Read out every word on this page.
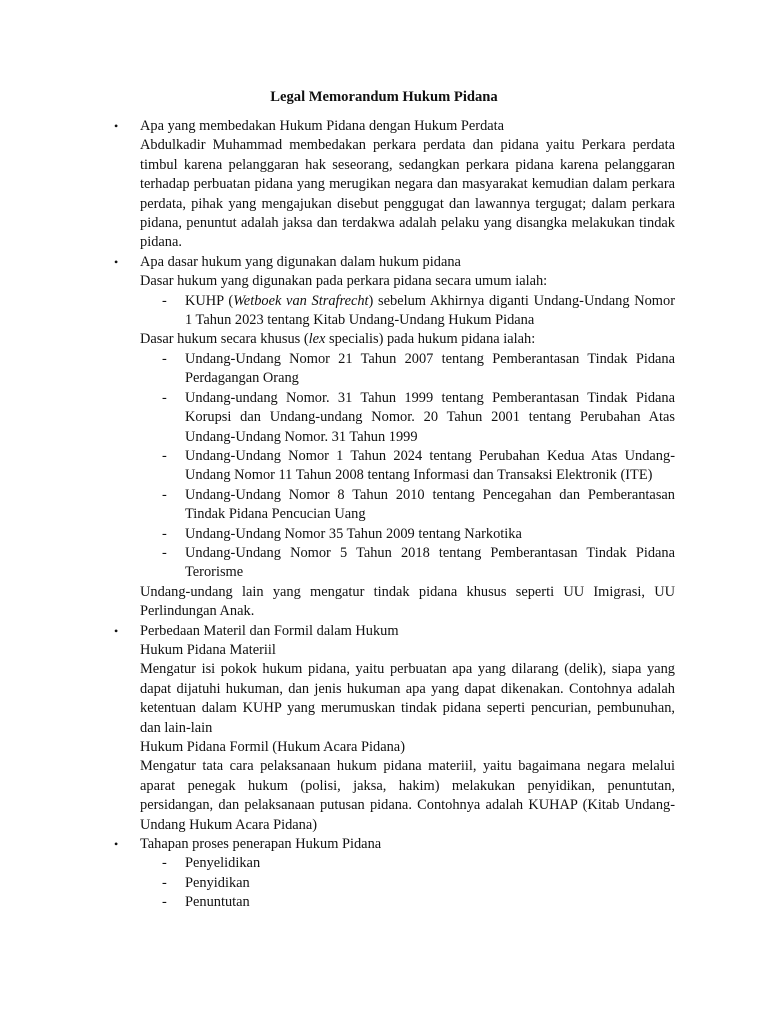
Legal Memorandum Hukum Pidana
• Apa yang membedakan Hukum Pidana dengan Hukum Perdata
Abdulkadir Muhammad membedakan perkara perdata dan pidana yaitu Perkara perdata timbul karena pelanggaran hak seseorang, sedangkan perkara pidana karena pelanggaran terhadap perbuatan pidana yang merugikan negara dan masyarakat kemudian dalam perkara perdata, pihak yang mengajukan disebut penggugat dan lawannya tergugat; dalam perkara pidana, penuntut adalah jaksa dan terdakwa adalah pelaku yang disangka melakukan tindak pidana.
• Apa dasar hukum yang digunakan dalam hukum pidana
Dasar hukum yang digunakan pada perkara pidana secara umum ialah:
- KUHP (Wetboek van Strafrecht) sebelum Akhirnya diganti Undang-Undang Nomor 1 Tahun 2023 tentang Kitab Undang-Undang Hukum Pidana
Dasar hukum secara khusus (lex specialis) pada hukum pidana ialah:
- Undang-Undang Nomor 21 Tahun 2007 tentang Pemberantasan Tindak Pidana Perdagangan Orang
- Undang-undang Nomor. 31 Tahun 1999 tentang Pemberantasan Tindak Pidana Korupsi dan Undang-undang Nomor. 20 Tahun 2001 tentang Perubahan Atas Undang-Undang Nomor. 31 Tahun 1999
- Undang-Undang Nomor 1 Tahun 2024 tentang Perubahan Kedua Atas Undang-Undang Nomor 11 Tahun 2008 tentang Informasi dan Transaksi Elektronik (ITE)
- Undang-Undang Nomor 8 Tahun 2010 tentang Pencegahan dan Pemberantasan Tindak Pidana Pencucian Uang
- Undang-Undang Nomor 35 Tahun 2009 tentang Narkotika
- Undang-Undang Nomor 5 Tahun 2018 tentang Pemberantasan Tindak Pidana Terorisme
Undang-undang lain yang mengatur tindak pidana khusus seperti UU Imigrasi, UU Perlindungan Anak.
• Perbedaan Materil dan Formil dalam Hukum
Hukum Pidana Materiil
Mengatur isi pokok hukum pidana, yaitu perbuatan apa yang dilarang (delik), siapa yang dapat dijatuhi hukuman, dan jenis hukuman apa yang dapat dikenakan. Contohnya adalah ketentuan dalam KUHP yang merumuskan tindak pidana seperti pencurian, pembunuhan, dan lain-lain
Hukum Pidana Formil (Hukum Acara Pidana)
Mengatur tata cara pelaksanaan hukum pidana materiil, yaitu bagaimana negara melalui aparat penegak hukum (polisi, jaksa, hakim) melakukan penyidikan, penuntutan, persidangan, dan pelaksanaan putusan pidana. Contohnya adalah KUHAP (Kitab Undang-Undang Hukum Acara Pidana)
• Tahapan proses penerapan Hukum Pidana
- Penyelidikan
- Penyidikan
- Penuntutan
